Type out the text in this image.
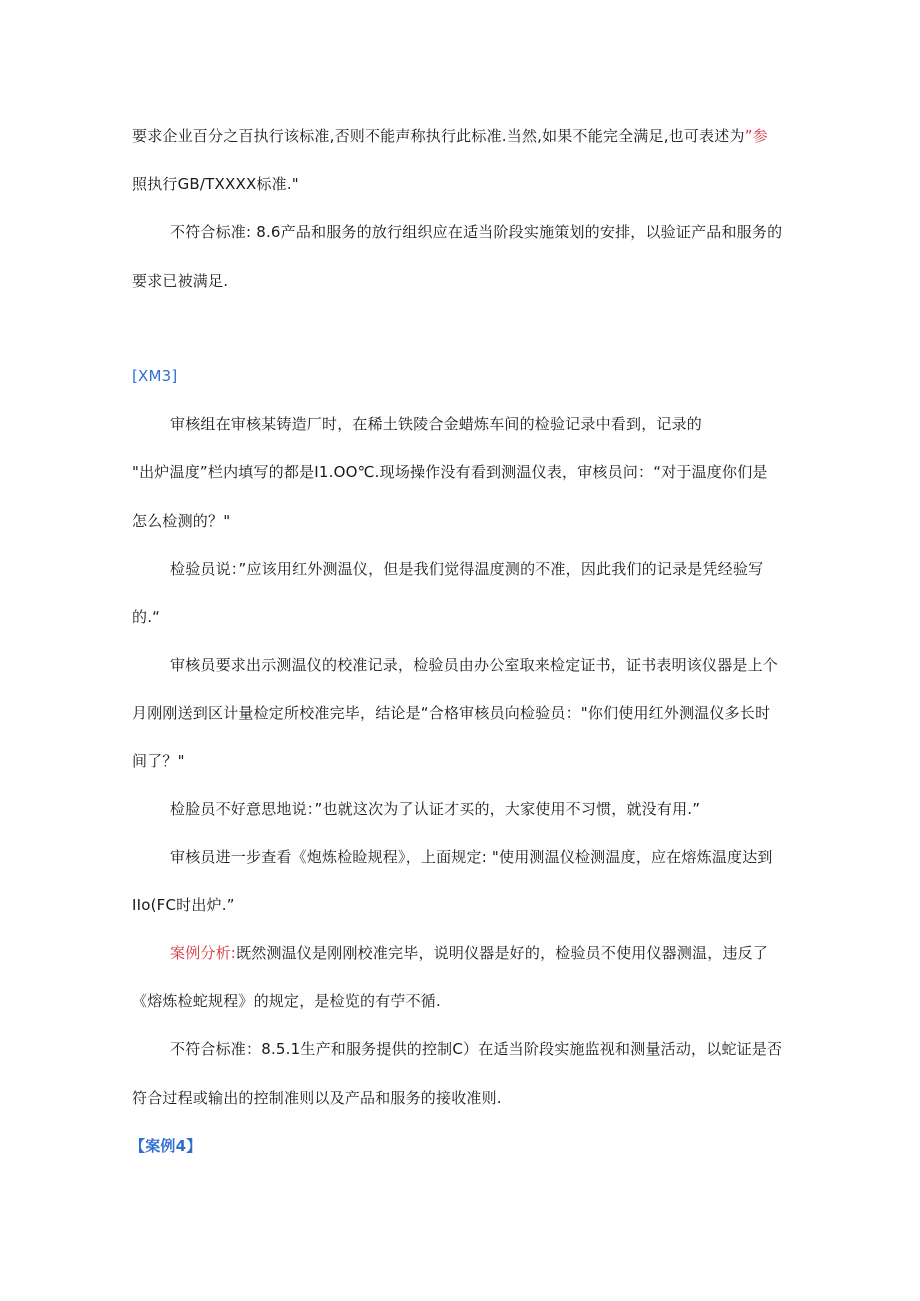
要求企业百分之百执行该标准,否则不能声称执行此标准.当然,如果不能完全满足,也可表述为”参
照执行GB/TXXXX标准."
不符合标准: 8.6产品和服务的放行组织应在适当阶段实施策划的安排，以验证产品和服务的
要求已被满足.
[XM3]
审核组在审核某铸造厂时，在稀土铁陵合金蜡炼车间的检验记录中看到，记录的
"出炉温度”栏内填写的都是I1.OO℃.现场操作没有看到测温仪表，审核员问：“对于温度你们是
怎么检测的？"
检验员说：”应该用红外测温仪，但是我们觉得温度测的不准，因此我们的记录是凭经验写
的.“
审核员要求出示测温仪的校准记录，检验员由办公室取来检定证书，证书表明该仪器是上个
月刚刚送到区计量检定所校准完毕，结论是“合格审核员向检验员："你们使用红外测温仪多长时
间了？"
检脸员不好意思地说：”也就这次为了认证才买的，大家使用不习惯，就没有用.”
审核员进一步查看《炮炼检睑规程》，上面规定: "使用测温仪检测温度，应在熔炼温度达到
IIo(FC时出炉.”
案例分析:既然测温仪是刚刚校准完毕，说明仪器是好的，检验员不使用仪器测温，违反了
《熔炼检蛇规程》的规定，是检览的有苧不循.
不符合标准：8.5.1生产和服务提供的控制C）在适当阶段实施监视和测量活动，以蛇证是否
符合过程或输出的控制准则以及产品和服务的接收准则.
【案例4】
